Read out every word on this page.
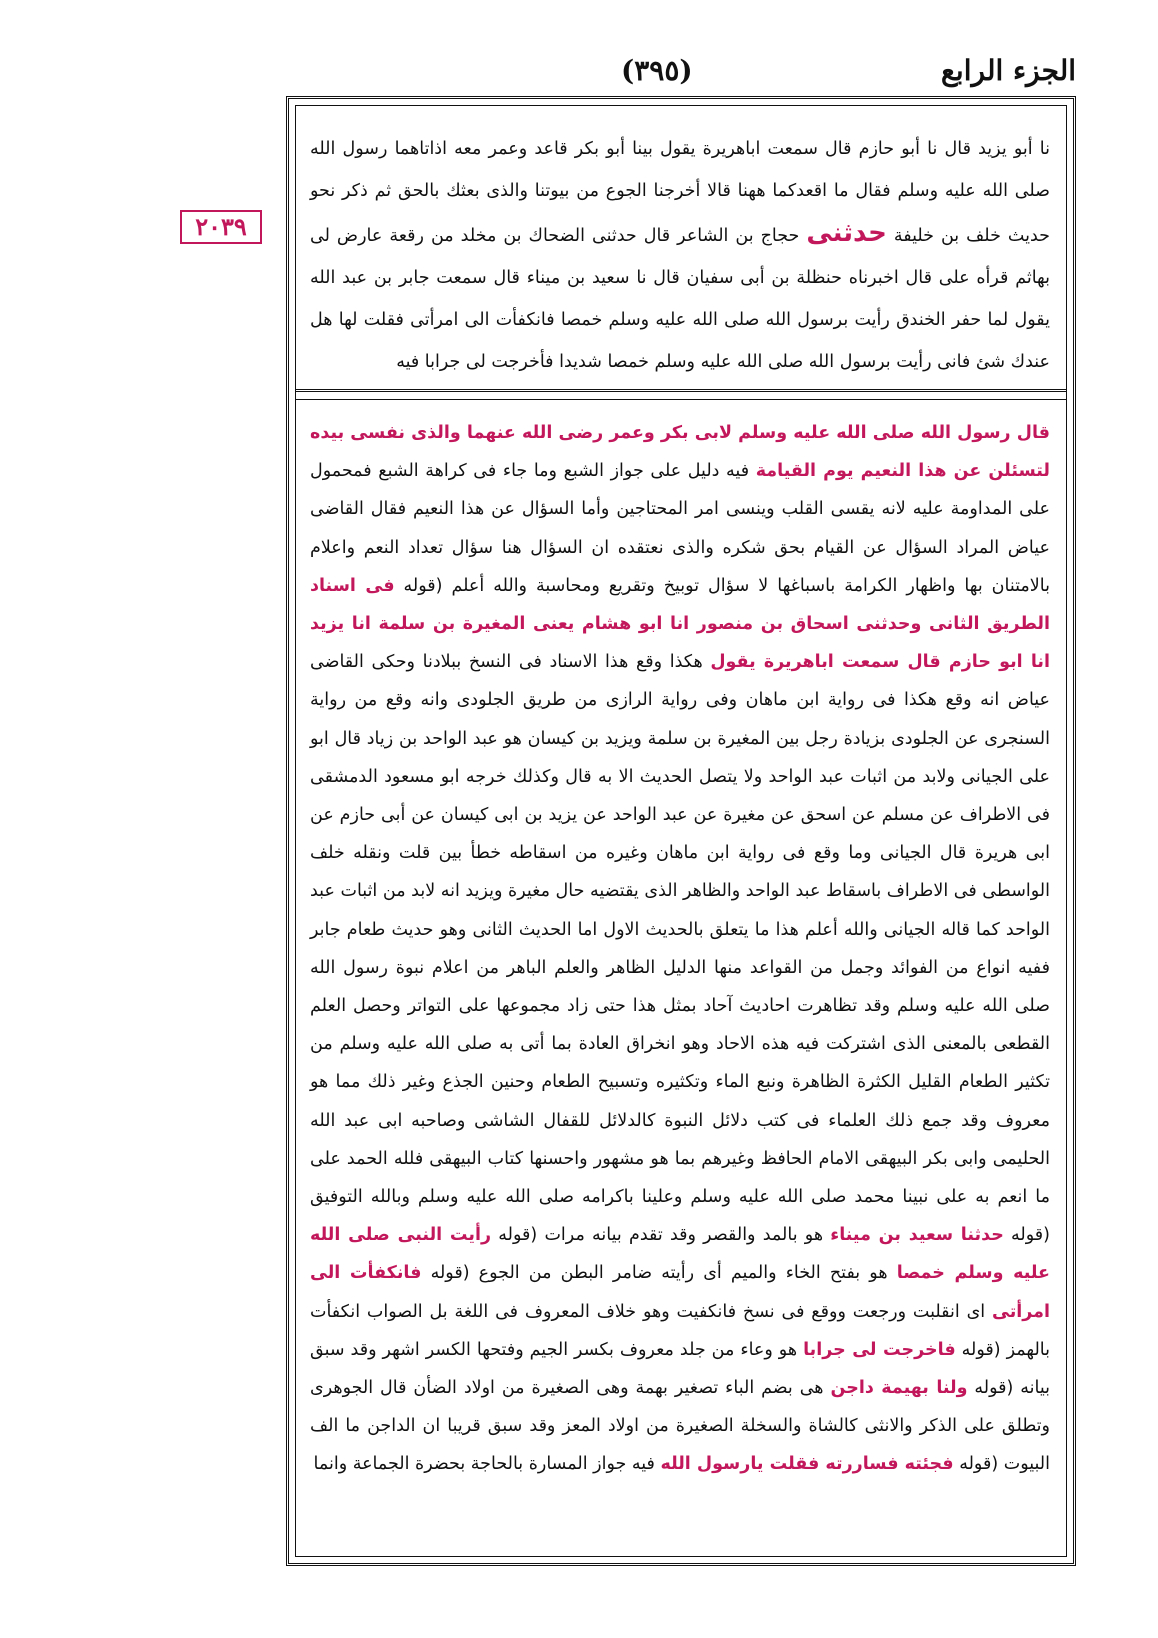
الجزء الرابع
(٣٩٥)
٢٠٣٩

نا أبو يزيد قال نا أبو حازم قال سمعت اباهريرة يقول بينا أبو بكر قاعد وعمر معه اذاتاهما رسول الله صلى الله عليه وسلم فقال ما اقعدكما ههنا قالا أخرجنا الجوع من بيوتنا والذى بعثك بالحق ثم ذكر نحو حديث خلف بن خليفة حدثنى حجاج بن الشاعر قال حدثنى الضحاك بن مخلد من رقعة عارض لى بهاثم قرأه على قال اخبرناه حنظلة بن أبى سفيان قال نا سعيد بن ميناء قال سمعت جابر بن عبد الله يقول لما حفر الخندق رأيت برسول الله صلى الله عليه وسلم خمصا فانكفأت الى امرأتى فقلت لها هل عندك شئ فانى رأيت برسول الله صلى الله عليه وسلم خمصا شديدا فأخرجت لى جرابا فيه

قال رسول الله صلى الله عليه وسلم لابى بكر وعمر رضى الله عنهما والذى نفسى بيده لتسئلن عن هذا النعيم يوم القيامة فيه دليل على جواز الشبع وما جاء فى كراهة الشبع فمحمول على المداومة عليه لانه يقسى القلب وينسى امر المحتاجين وأما السؤال عن هذا النعيم فقال القاضى عياض المراد السؤال عن القيام بحق شكره والذى نعتقده ان السؤال هنا سؤال تعداد النعم واعلام بالامتنان بها واظهار الكرامة باسباغها لا سؤال توبيخ وتقريع ومحاسبة والله أعلم (قوله فى اسناد الطريق الثانى وحدثنى اسحاق بن منصور انا ابو هشام يعنى المغيرة بن سلمة انا يزيد انا ابو حازم قال سمعت اباهريرة يقول هكذا وقع هذا الاسناد فى النسخ ببلادنا وحكى القاضى عياض انه وقع هكذا فى رواية ابن ماهان وفى رواية الرازى من طريق الجلودى وانه وقع من رواية السنجرى عن الجلودى بزيادة رجل بين المغيرة بن سلمة ويزيد بن كيسان هو عبد الواحد بن زياد قال ابو على الجيانى ولابد من اثبات عبد الواحد ولا يتصل الحديث الا به قال وكذلك خرجه ابو مسعود الدمشقى فى الاطراف عن مسلم عن اسحق عن مغيرة عن عبد الواحد عن يزيد بن ابى كيسان عن أبى حازم عن ابى هريرة قال الجيانى وما وقع فى رواية ابن ماهان وغيره من اسقاطه خطأ بين قلت ونقله خلف الواسطى فى الاطراف باسقاط عبد الواحد والظاهر الذى يقتضيه حال مغيرة ويزيد انه لابد من اثبات عبد الواحد كما قاله الجيانى والله أعلم هذا ما يتعلق بالحديث الاول اما الحديث الثانى وهو حديث طعام جابر ففيه انواع من الفوائد وجمل من القواعد منها الدليل الظاهر والعلم الباهر من اعلام نبوة رسول الله صلى الله عليه وسلم وقد تظاهرت احاديث آحاد بمثل هذا حتى زاد مجموعها على التواتر وحصل العلم القطعى بالمعنى الذى اشتركت فيه هذه الاحاد وهو انخراق العادة بما أتى به صلى الله عليه وسلم من تكثير الطعام القليل الكثرة الظاهرة ونبع الماء وتكثيره وتسبيح الطعام وحنين الجذع وغير ذلك مما هو معروف وقد جمع ذلك العلماء فى كتب دلائل النبوة كالدلائل للقفال الشاشى وصاحبه ابى عبد الله الحليمى وابى بكر البيهقى الامام الحافظ وغيرهم بما هو مشهور واحسنها كتاب البيهقى فلله الحمد على ما انعم به على نبينا محمد صلى الله عليه وسلم وعلينا باكرامه صلى الله عليه وسلم وبالله التوفيق (قوله حدثنا سعيد بن ميناء هو بالمد والقصر وقد تقدم بيانه مرات (قوله رأيت النبى صلى الله عليه وسلم خمصا هو بفتح الخاء والميم أى رأيته ضامر البطن من الجوع (قوله فانكفأت الى امرأتى اى انقلبت ورجعت ووقع فى نسخ فانكفيت وهو خلاف المعروف فى اللغة بل الصواب انكفأت بالهمز (قوله فاخرجت لى جرابا هو وعاء من جلد معروف بكسر الجيم وفتحها الكسر اشهر وقد سبق بيانه (قوله ولنا بهيمة داجن هى بضم الباء تصغير بهمة وهى الصغيرة من اولاد الضأن قال الجوهرى وتطلق على الذكر والانثى كالشاة والسخلة الصغيرة من اولاد المعز وقد سبق قريبا ان الداجن ما الف البيوت (قوله فجئته فساررته فقلت يارسول الله فيه جواز المسارة بالحاجة بحضرة الجماعة وانما
